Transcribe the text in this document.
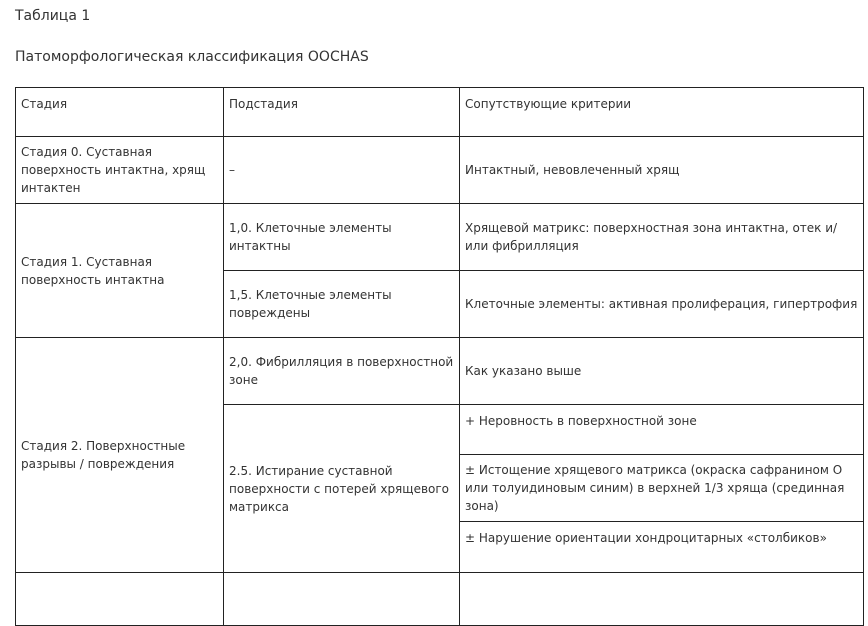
Таблица 1

Патоморфологическая классификация OOCHAS

Стадия	Подстадия	Сопутствующие критерии
Стадия 0. Суставная поверхность интактна, хрящ интактен	–	Интактный, невовлеченный хрящ
Стадия 1. Суставная поверхность интактна	1,0. Клеточные элементы интактны	Хрящевой матрикс: поверхностная зона интактна, отек и/или фибрилляция
	1,5. Клеточные элементы повреждены	Клеточные элементы: активная пролиферация, гипертрофия
Стадия 2. Поверхностные разрывы / повреждения	2,0. Фибрилляция в поверхностной зоне	Как указано выше
	2.5. Истирание суставной поверхности с потерей хрящевого матрикса	+ Неровность в поверхностной зоне
		± Истощение хрящевого матрикса (окраска сафранином О или толуидиновым синим) в верхней 1/3 хряща (срединная зона)
		± Нарушение ориентации хондроцитарных «столбиков»
